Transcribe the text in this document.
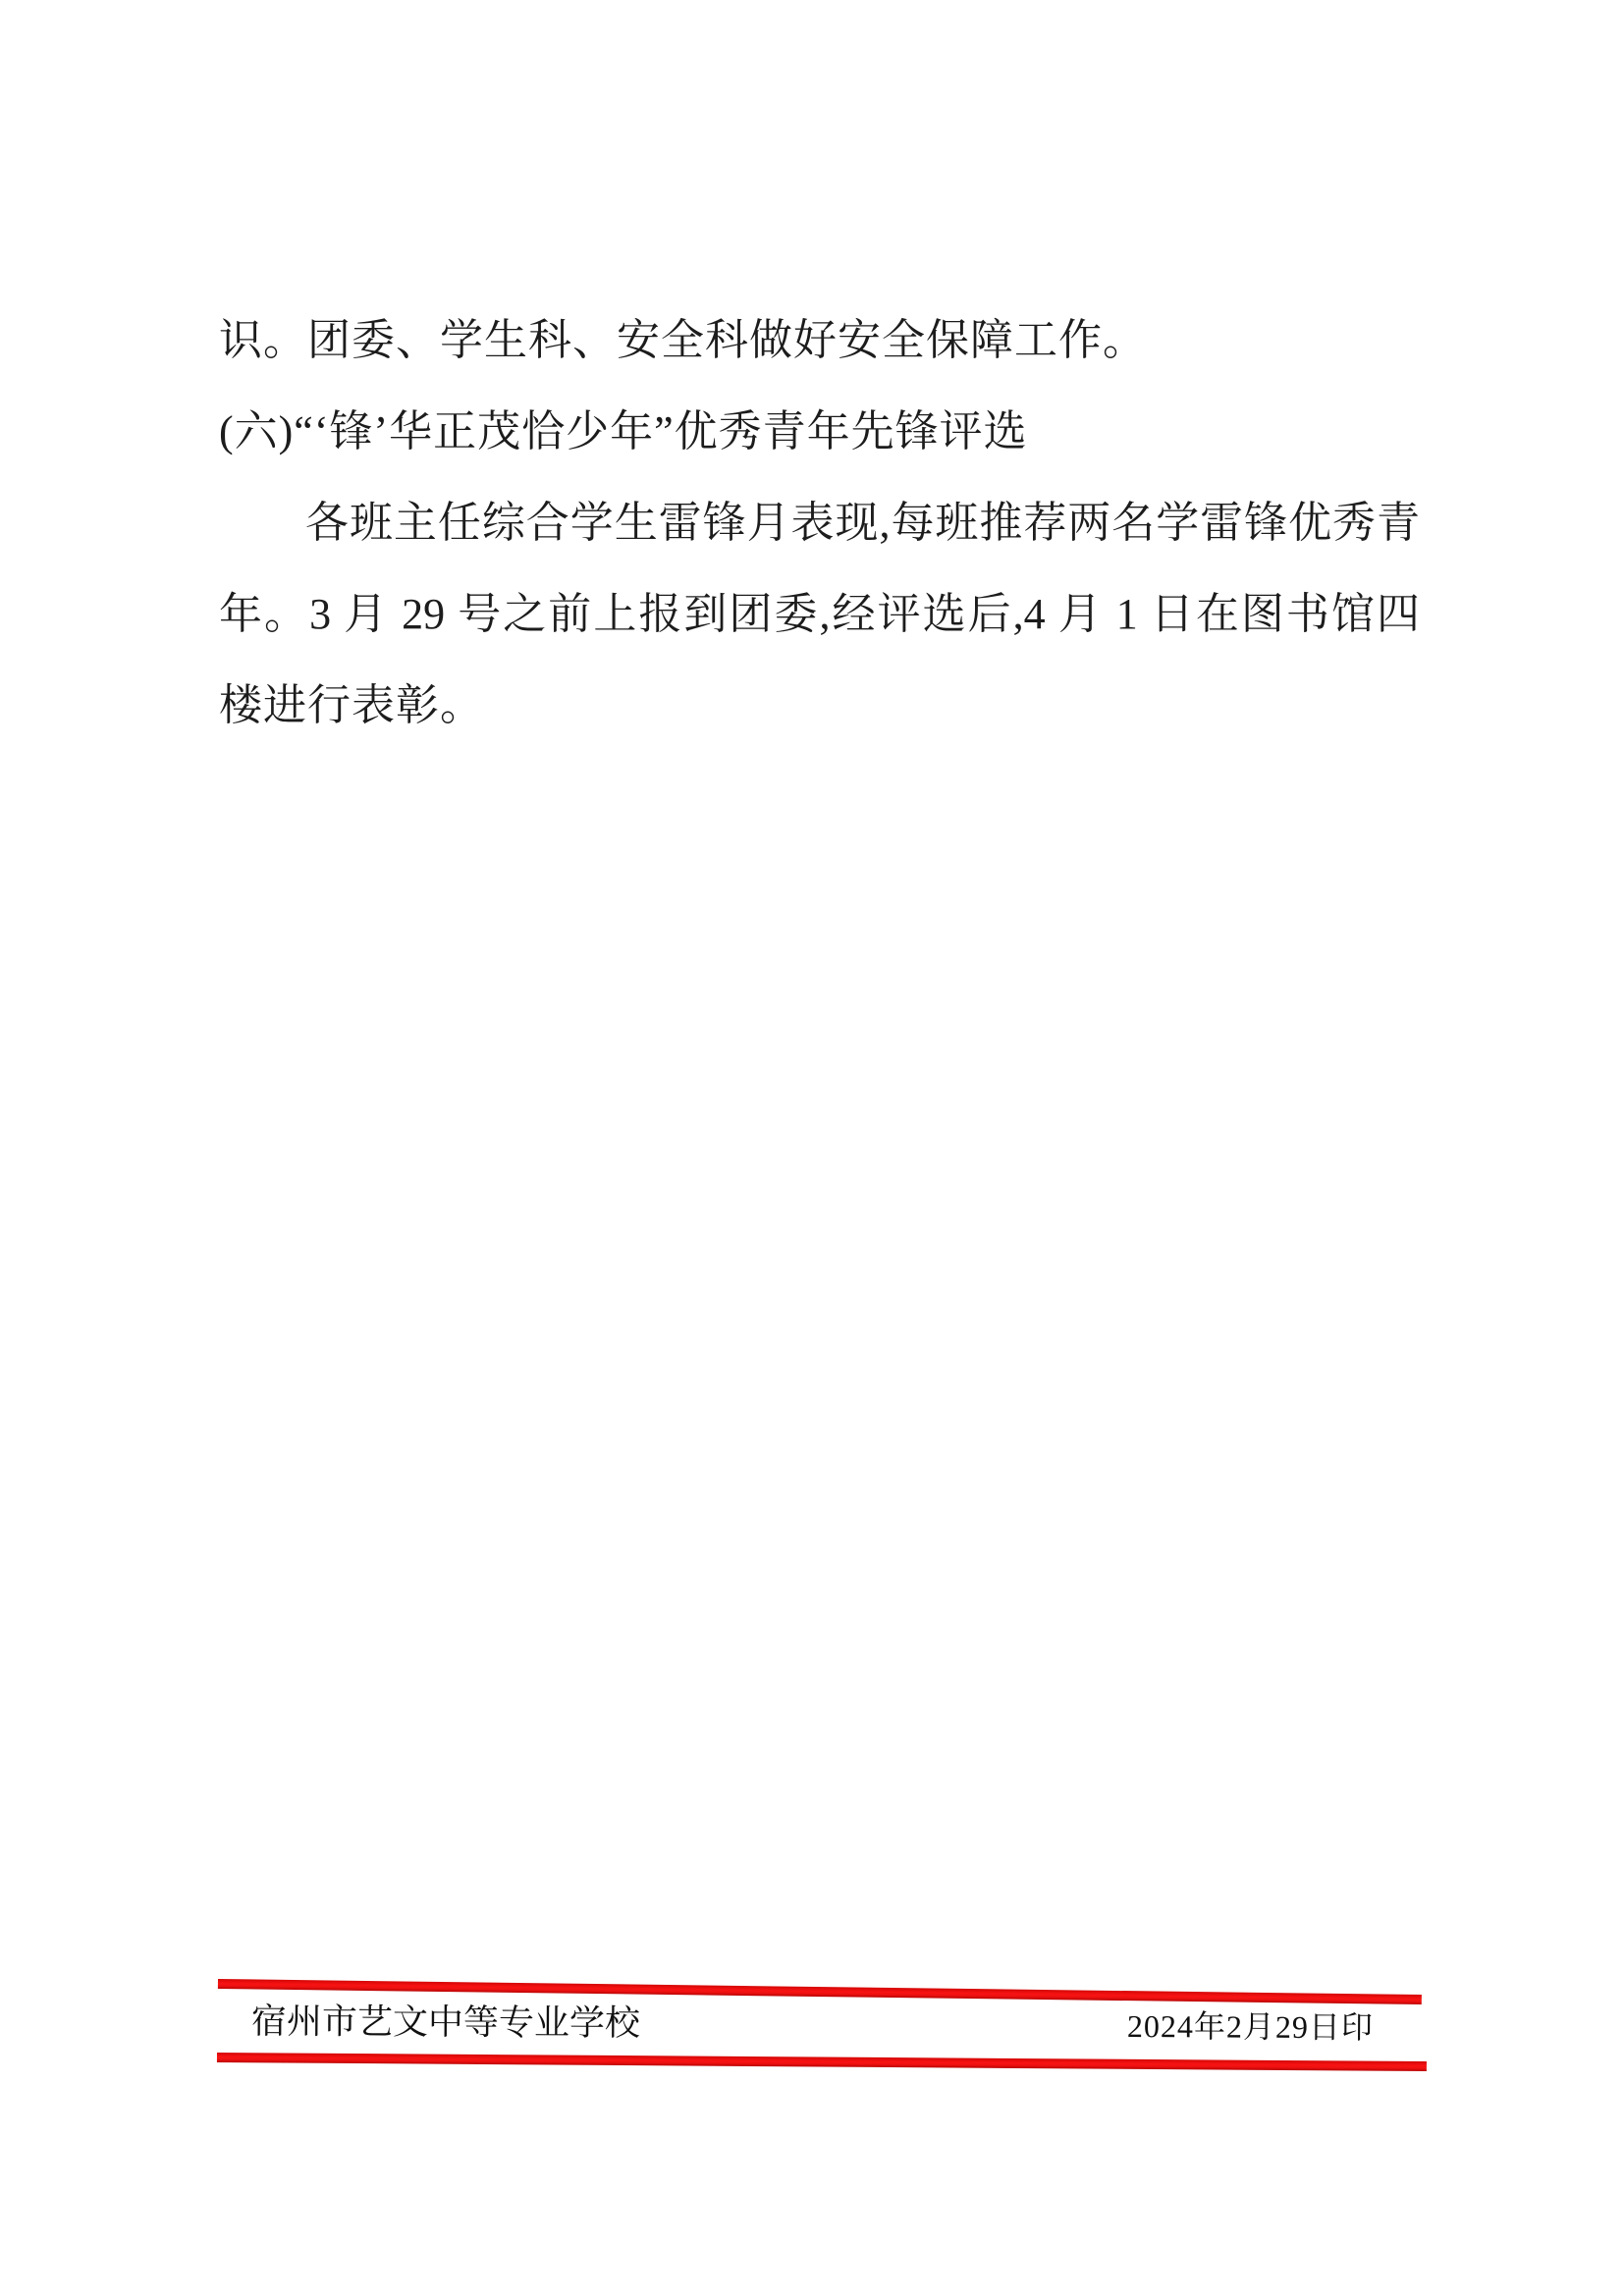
识。团委、学生科、安全科做好安全保障工作。
(六)“‘锋’华正茂恰少年”优秀青年先锋评选
各班主任综合学生雷锋月表现,每班推荐两名学雷锋优秀青
年。3 月 29 号之前上报到团委,经评选后,4 月 1 日在图书馆四
楼进行表彰。
宿州市艺文中等专业学校	2024年2月29日印
